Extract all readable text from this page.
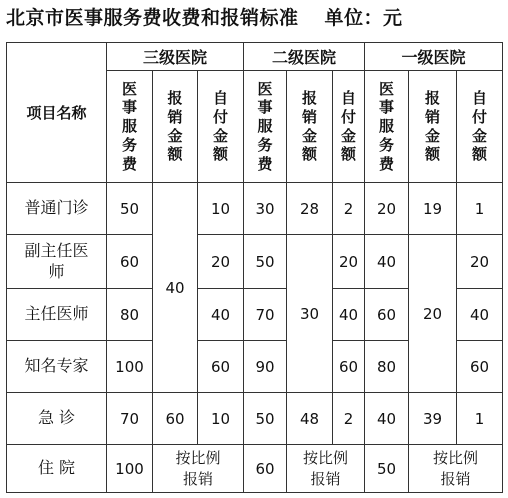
北京市医事服务费收费和报销标准 单位：元
项目名称	三级医院			二级医院			一级医院		
	医事服务费	报销金额	自付金额	医事服务费	报销金额	自付金额	医事服务费	报销金额	自付金额
普通门诊	50	40	10	30	28	2	20	19	1
副主任医师	60		20	50	30	20	40	20	20
主任医师	80		40	70		40	60		40
知名专家	100		60	90		60	80		60
急 诊	70	60	10	50	48	2	40	39	1
住 院	100	按比例报销		60	按比例报销		50	按比例报销	
